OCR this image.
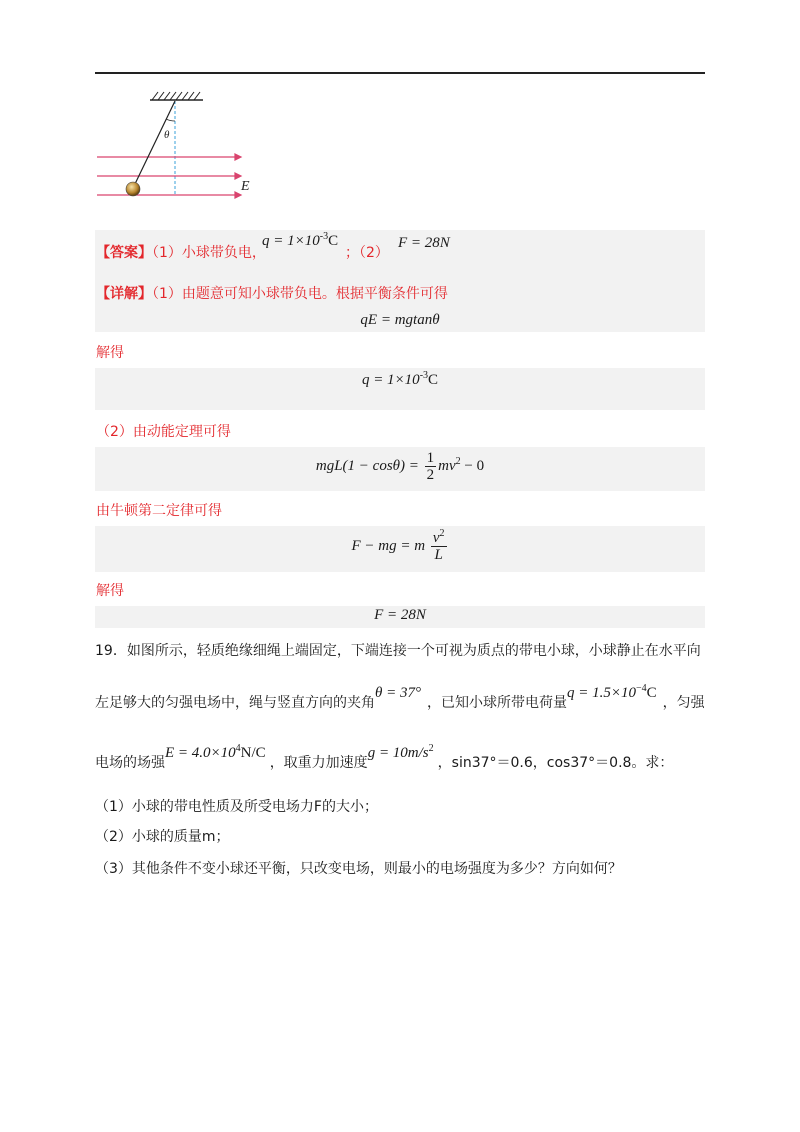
θ
E
【答案】（1）小球带负电，
$q = 1\times 10^{-3}C$
；（2）
F = 28N
【详解】（1）由题意可知小球带负电。根据平衡条件可得
qE = mgtanθ
解得
$q = 1\times 10^{-3}C$
（2）由动能定理可得
$mgL(1 - \cos\theta) = \frac{1}{2} mv^2 - 0$
由牛顿第二定律可得
F − mg = m $\frac{v^2}{L}$
解得
F = 28N
19．如图所示，轻质绝缘细绳上端固定，下端连接一个可视为质点的带电小球，小球静止在水平向
左足够大的匀强电场中，绳与竖直方向的夹角θ = 37°，已知小球所带电荷量$q = 1.5\times 10^{-4}C$，匀强
电场的场强$E = 4.0\times 10^4N/C$，取重力加速度$g = 10m/s^2$，sin37°＝0.6，cos37°＝0.8。求：
（1）小球的带电性质及所受电场力F的大小；
（2）小球的质量m；
（3）其他条件不变小球还平衡，只改变电场，则最小的电场强度为多少？方向如何？
